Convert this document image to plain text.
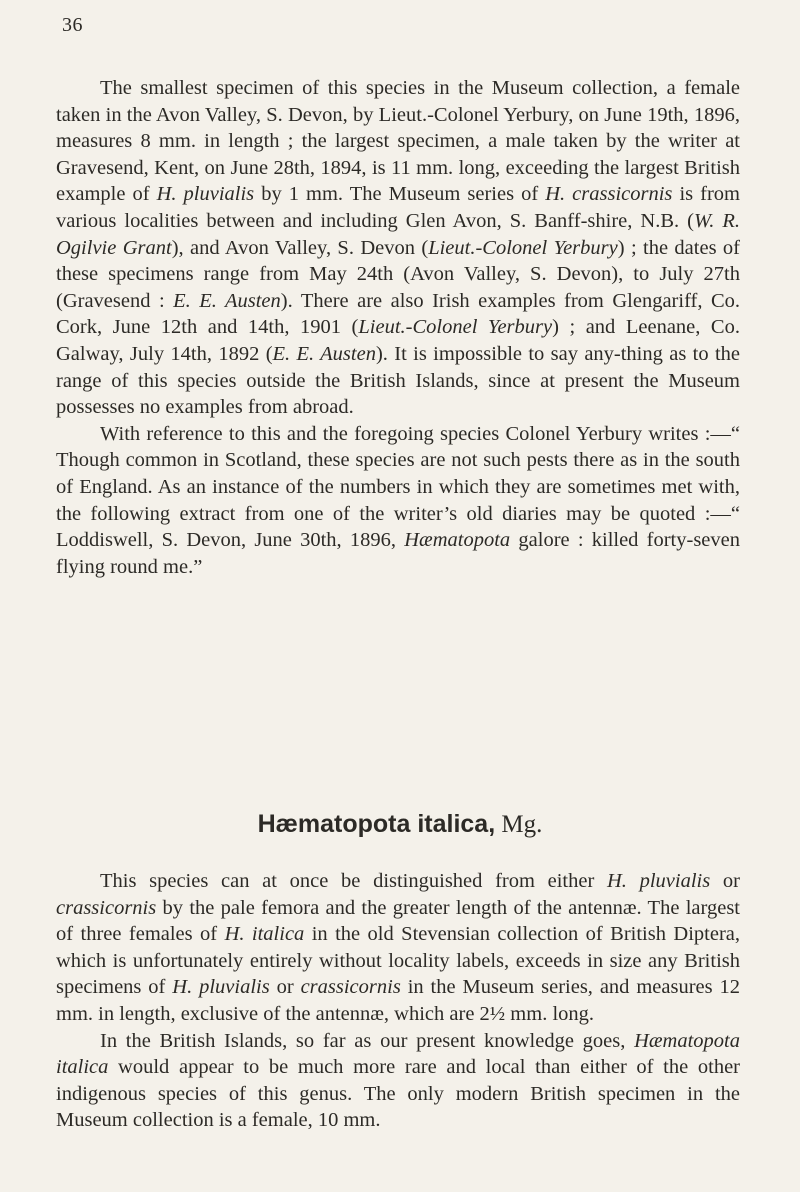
36

The smallest specimen of this species in the Museum collection, a female taken in the Avon Valley, S. Devon, by Lieut.-Colonel Yerbury, on June 19th, 1896, measures 8 mm. in length ; the largest specimen, a male taken by the writer at Gravesend, Kent, on June 28th, 1894, is 11 mm. long, exceeding the largest British example of H. pluvialis by 1 mm. The Museum series of H. crassicornis is from various localities between and including Glen Avon, S. Banff-shire, N.B. (W. R. Ogilvie Grant), and Avon Valley, S. Devon (Lieut.-Colonel Yerbury) ; the dates of these specimens range from May 24th (Avon Valley, S. Devon), to July 27th (Gravesend : E. E. Austen). There are also Irish examples from Glengariff, Co. Cork, June 12th and 14th, 1901 (Lieut.-Colonel Yerbury) ; and Leenane, Co. Galway, July 14th, 1892 (E. E. Austen). It is impossible to say any-thing as to the range of this species outside the British Islands, since at present the Museum possesses no examples from abroad.

With reference to this and the foregoing species Colonel Yerbury writes :—“ Though common in Scotland, these species are not such pests there as in the south of England. As an instance of the numbers in which they are sometimes met with, the following extract from one of the writer’s old diaries may be quoted :—“ Loddiswell, S. Devon, June 30th, 1896, Hæmatopota galore : killed forty-seven flying round me.”

Hæmatopota italica, Mg.

This species can at once be distinguished from either H. pluvialis or crassicornis by the pale femora and the greater length of the antennæ. The largest of three females of H. italica in the old Stevensian collection of British Diptera, which is unfortunately entirely without locality labels, exceeds in size any British specimens of H. pluvialis or crassicornis in the Museum series, and measures 12 mm. in length, exclusive of the antennæ, which are 2½ mm. long.

In the British Islands, so far as our present knowledge goes, Hæmatopota italica would appear to be much more rare and local than either of the other indigenous species of this genus. The only modern British specimen in the Museum collection is a female, 10 mm.
